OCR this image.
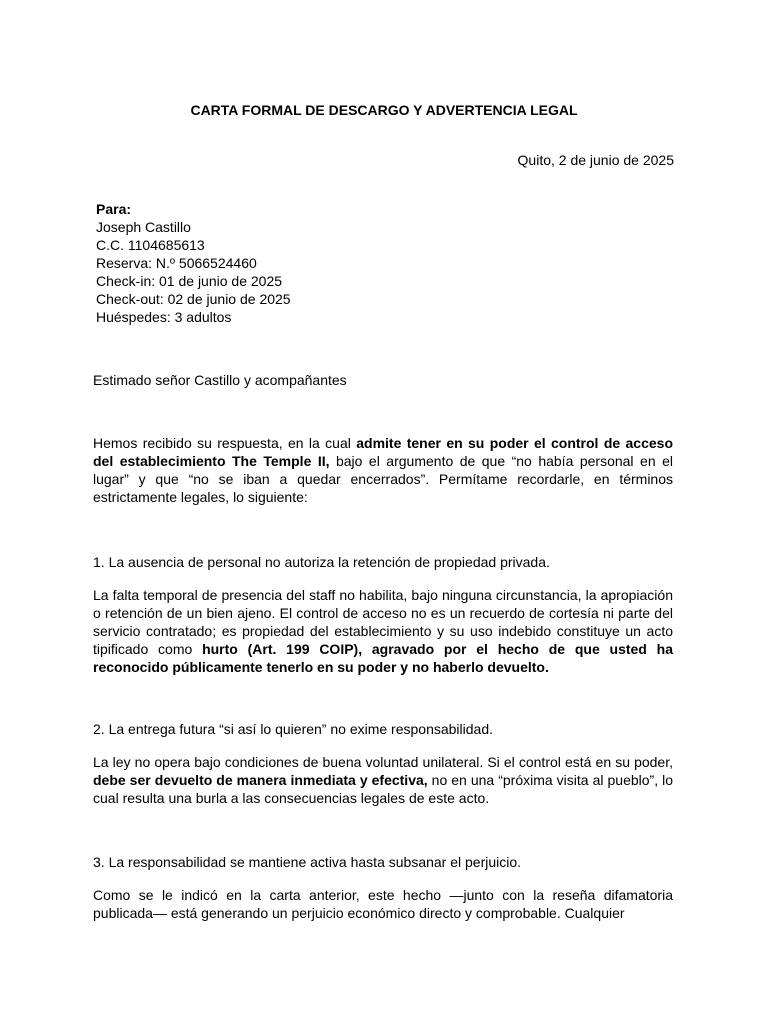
CARTA FORMAL DE DESCARGO Y ADVERTENCIA LEGAL
Quito, 2 de junio de 2025
Para:
Joseph Castillo
C.C. 1104685613
Reserva: N.º 5066524460
Check-in: 01 de junio de 2025
Check-out: 02 de junio de 2025
Huéspedes: 3 adultos
Estimado señor Castillo y acompañantes
Hemos recibido su respuesta, en la cual admite tener en su poder el control de acceso del establecimiento The Temple II, bajo el argumento de que “no había personal en el lugar” y que “no se iban a quedar encerrados”. Permítame recordarle, en términos estrictamente legales, lo siguiente:
1. La ausencia de personal no autoriza la retención de propiedad privada.
La falta temporal de presencia del staff no habilita, bajo ninguna circunstancia, la apropiación o retención de un bien ajeno. El control de acceso no es un recuerdo de cortesía ni parte del servicio contratado; es propiedad del establecimiento y su uso indebido constituye un acto tipificado como hurto (Art. 199 COIP), agravado por el hecho de que usted ha reconocido públicamente tenerlo en su poder y no haberlo devuelto.
2. La entrega futura “si así lo quieren” no exime responsabilidad.
La ley no opera bajo condiciones de buena voluntad unilateral. Si el control está en su poder, debe ser devuelto de manera inmediata y efectiva, no en una “próxima visita al pueblo”, lo cual resulta una burla a las consecuencias legales de este acto.
3. La responsabilidad se mantiene activa hasta subsanar el perjuicio.
Como se le indicó en la carta anterior, este hecho —junto con la reseña difamatoria publicada— está generando un perjuicio económico directo y comprobable. Cualquier
